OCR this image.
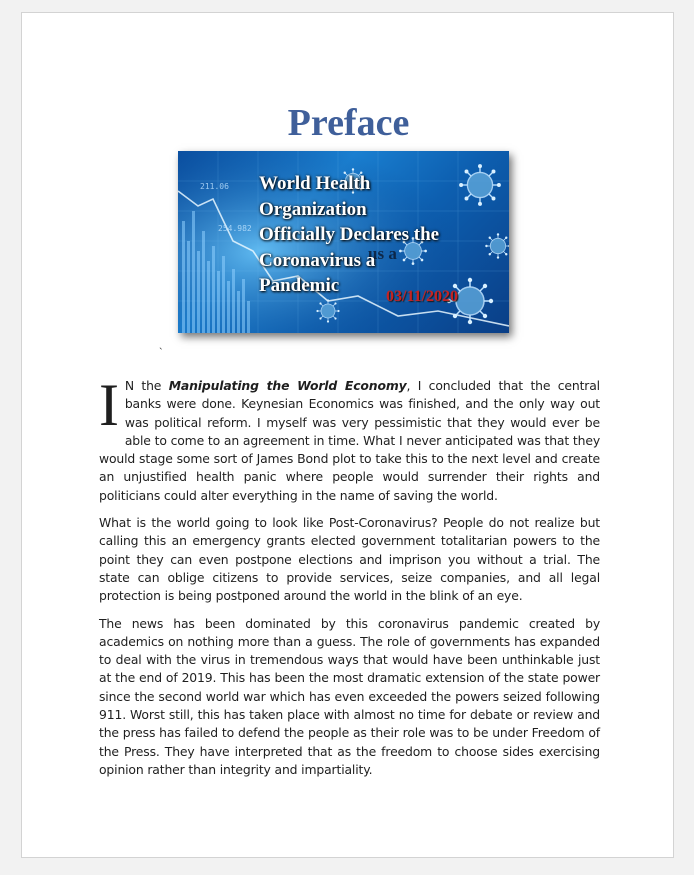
Preface
211.06
254.982
us a
World Health
Organization
Officially Declares the
Coronavirus a
Pandemic
03/11/2020
`

I N the Manipulating the World Economy, I concluded that the central banks were done. Keynesian Economics was finished, and the only way out was political reform. I myself was very pessimistic that they would ever be able to come to an agreement in time. What I never anticipated was that they would stage some sort of James Bond plot to take this to the next level and create an unjustified health panic where people would surrender their rights and politicians could alter everything in the name of saving the world.

What is the world going to look like Post-Coronavirus? People do not realize but calling this an emergency grants elected government totalitarian powers to the point they can even postpone elections and imprison you without a trial. The state can oblige citizens to provide services, seize companies, and all legal protection is being postponed around the world in the blink of an eye.

The news has been dominated by this coronavirus pandemic created by academics on nothing more than a guess. The role of governments has expanded to deal with the virus in tremendous ways that would have been unthinkable just at the end of 2019. This has been the most dramatic extension of the state power since the second world war which has even exceeded the powers seized following 911. Worst still, this has taken place with almost no time for debate or review and the press has failed to defend the people as their role was to be under Freedom of the Press. They have interpreted that as the freedom to choose sides exercising opinion rather than integrity and impartiality.
